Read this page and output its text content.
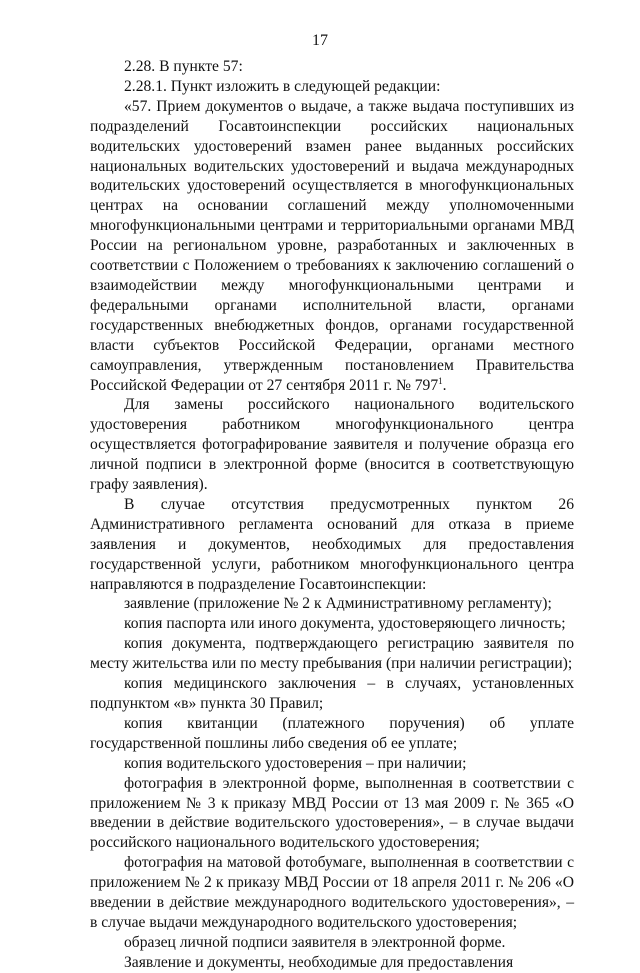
17

2.28. В пункте 57:

2.28.1. Пункт изложить в следующей редакции:

«57. Прием документов о выдаче, а также выдача поступивших из подразделений Госавтоинспекции российских национальных водительских удостоверений взамен ранее выданных российских национальных водительских удостоверений и выдача международных водительских удостоверений осуществляется в многофункциональных центрах на основании соглашений между уполномоченными многофункциональными центрами и территориальными органами МВД России на региональном уровне, разработанных и заключенных в соответствии с Положением о требованиях к заключению соглашений о взаимодействии между многофункциональными центрами и федеральными органами исполнительной власти, органами государственных внебюджетных фондов, органами государственной власти субъектов Российской Федерации, органами местного самоуправления, утвержденным постановлением Правительства Российской Федерации от 27 сентября 2011 г. № $797^1$.

Для замены российского национального водительского удостоверения работником многофункционального центра осуществляется фотографирование заявителя и получение образца его личной подписи в электронной форме (вносится в соответствующую графу заявления).

В случае отсутствия предусмотренных пунктом 26 Административного регламента оснований для отказа в приеме заявления и документов, необходимых для предоставления государственной услуги, работником многофункционального центра направляются в подразделение Госавтоинспекции:

заявление (приложение № 2 к Административному регламенту);

копия паспорта или иного документа, удостоверяющего личность;

копия документа, подтверждающего регистрацию заявителя по месту жительства или по месту пребывания (при наличии регистрации);

копия медицинского заключения – в случаях, установленных подпунктом «в» пункта 30 Правил;

копия квитанции (платежного поручения) об уплате государственной пошлины либо сведения об ее уплате;

копия водительского удостоверения – при наличии;

фотография в электронной форме, выполненная в соответствии с приложением № 3 к приказу МВД России от 13 мая 2009 г. № 365 «О введении в действие водительского удостоверения», – в случае выдачи российского национального водительского удостоверения;

фотография на матовой фотобумаге, выполненная в соответствии с приложением № 2 к приказу МВД России от 18 апреля 2011 г. № 206 «О введении в действие международного водительского удостоверения», – в случае выдачи международного водительского удостоверения;

образец личной подписи заявителя в электронной форме.

Заявление и документы, необходимые для предоставления
